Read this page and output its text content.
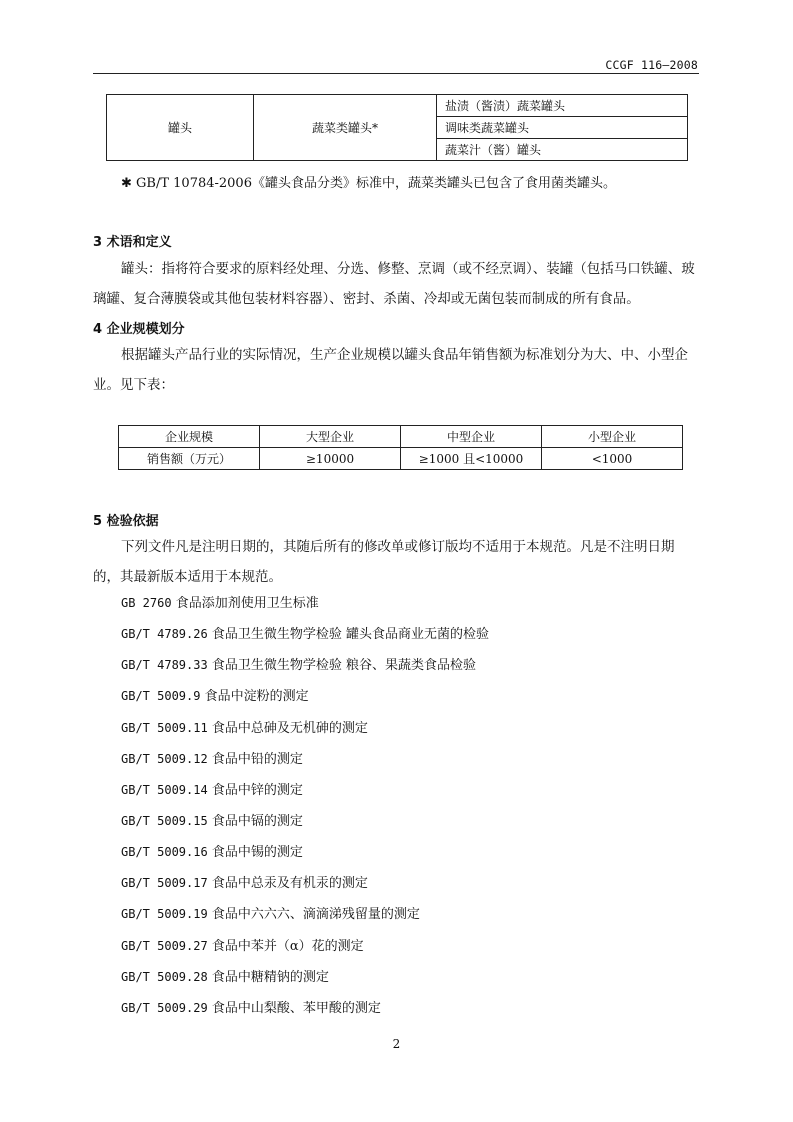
CCGF 116—2008
罐头	蔬菜类罐头*	盐渍（酱渍）蔬菜罐头
调味类蔬菜罐头
蔬菜汁（酱）罐头
✱ GB/T 10784-2006《罐头食品分类》标准中，蔬菜类罐头已包含了食用菌类罐头。
3 术语和定义

罐头：指将符合要求的原料经处理、分选、修整、烹调（或不经烹调）、装罐（包括马口铁罐、玻璃罐、复合薄膜袋或其他包装材料容器）、密封、杀菌、冷却或无菌包装而制成的所有食品。

4 企业规模划分

根据罐头产品行业的实际情况，生产企业规模以罐头食品年销售额为标准划分为大、中、小型企业。见下表：

企业规模	大型企业	中型企业	小型企业
销售额（万元）	≥10000	≥1000 且<10000	<1000
5 检验依据

下列文件凡是注明日期的，其随后所有的修改单或修订版均不适用于本规范。凡是不注明日期的，其最新版本适用于本规范。

GB 2760 食品添加剂使用卫生标准
GB/T 4789.26 食品卫生微生物学检验 罐头食品商业无菌的检验
GB/T 4789.33 食品卫生微生物学检验 粮谷、果蔬类食品检验
GB/T 5009.9 食品中淀粉的测定
GB/T 5009.11 食品中总砷及无机砷的测定
GB/T 5009.12 食品中铅的测定
GB/T 5009.14 食品中锌的测定
GB/T 5009.15 食品中镉的测定
GB/T 5009.16 食品中锡的测定
GB/T 5009.17 食品中总汞及有机汞的测定
GB/T 5009.19 食品中六六六、滴滴涕残留量的测定
GB/T 5009.27 食品中苯并（α）花的测定
GB/T 5009.28 食品中糖精钠的测定
GB/T 5009.29 食品中山梨酸、苯甲酸的测定
2
